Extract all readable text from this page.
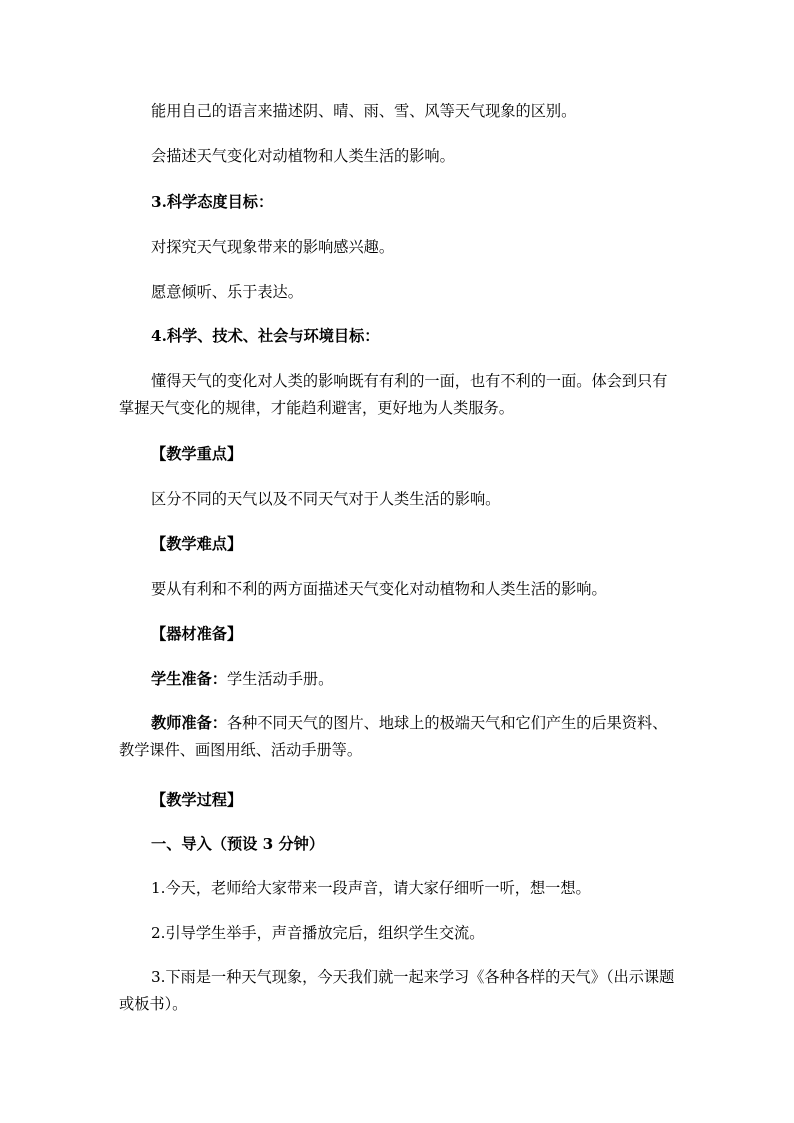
能用自己的语言来描述阴、晴、雨、雪、风等天气现象的区别。
会描述天气变化对动植物和人类生活的影响。
3.科学态度目标：
对探究天气现象带来的影响感兴趣。
愿意倾听、乐于表达。
4.科学、技术、社会与环境目标：
懂得天气的变化对人类的影响既有有利的一面，也有不利的一面。体会到只有掌握天气变化的规律，才能趋利避害，更好地为人类服务。
【教学重点】
区分不同的天气以及不同天气对于人类生活的影响。
【教学难点】
要从有利和不利的两方面描述天气变化对动植物和人类生活的影响。
【器材准备】
学生准备：学生活动手册。
教师准备：各种不同天气的图片、地球上的极端天气和它们产生的后果资料、教学课件、画图用纸、活动手册等。
【教学过程】
一、导入（预设 3 分钟）
1.今天，老师给大家带来一段声音，请大家仔细听一听，想一想。
2.引导学生举手，声音播放完后，组织学生交流。
3.下雨是一种天气现象，今天我们就一起来学习《各种各样的天气》（出示课题或板书）。
